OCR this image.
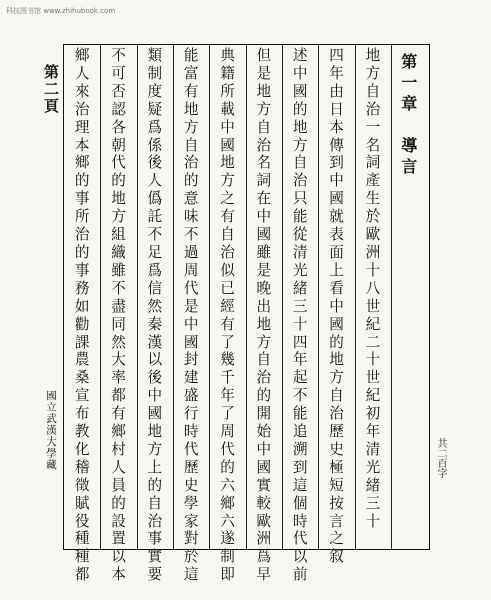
科技图书馆 www.zhihubook.com
第二頁
國立武漢大學藏	共二百字
第
一
章

導
言
地
方
自
治
一
名
詞
產
生
於
歐
洲
十
八
世
紀
二
十
世
紀
初
年
清
光
緒
三
十
四
年
由
日
本
傳
到
中
國
就
表
面
上
看
中
國
的
地
方
自
治
歷
史
極
短
按
言
之
叙
述
中
國
的
地
方
自
治
只
能
從
清
光
緒
三
十
四
年
起
不
能
追
溯
到
這
個
時
代
以
前
但
是
地
方
自
治
名
詞
在
中
國
雖
是
晚
出
地
方
自
治
的
開
始
中
國
實
較
歐
洲
爲
早
典
籍
所
載
中
國
地
方
之
有
自
治
似
已
經
有
了
幾
千
年
了
周
代
的
六
鄉
六
遂
制
即
能
富
有
地
方
自
治
的
意
味
不
過
周
代
是
中
國
封
建
盛
行
時
代
歷
史
學
家
對
於
這
類
制
度
疑
爲
係
後
人
僞
託
不
足
爲
信
然
秦
漢
以
後
中
國
地
方
上
的
自
治
事
實
要
不
可
否
認
各
朝
代
的
地
方
組
織
雖
不
盡
同
然
大
率
都
有
鄉
村
人
員
的
設
置
以
本
鄉
人
來
治
理
本
鄉
的
事
所
治
的
事
務
如
勸
課
農
桑
宣
布
教
化
稽
徵
賦
役
種
種
都
